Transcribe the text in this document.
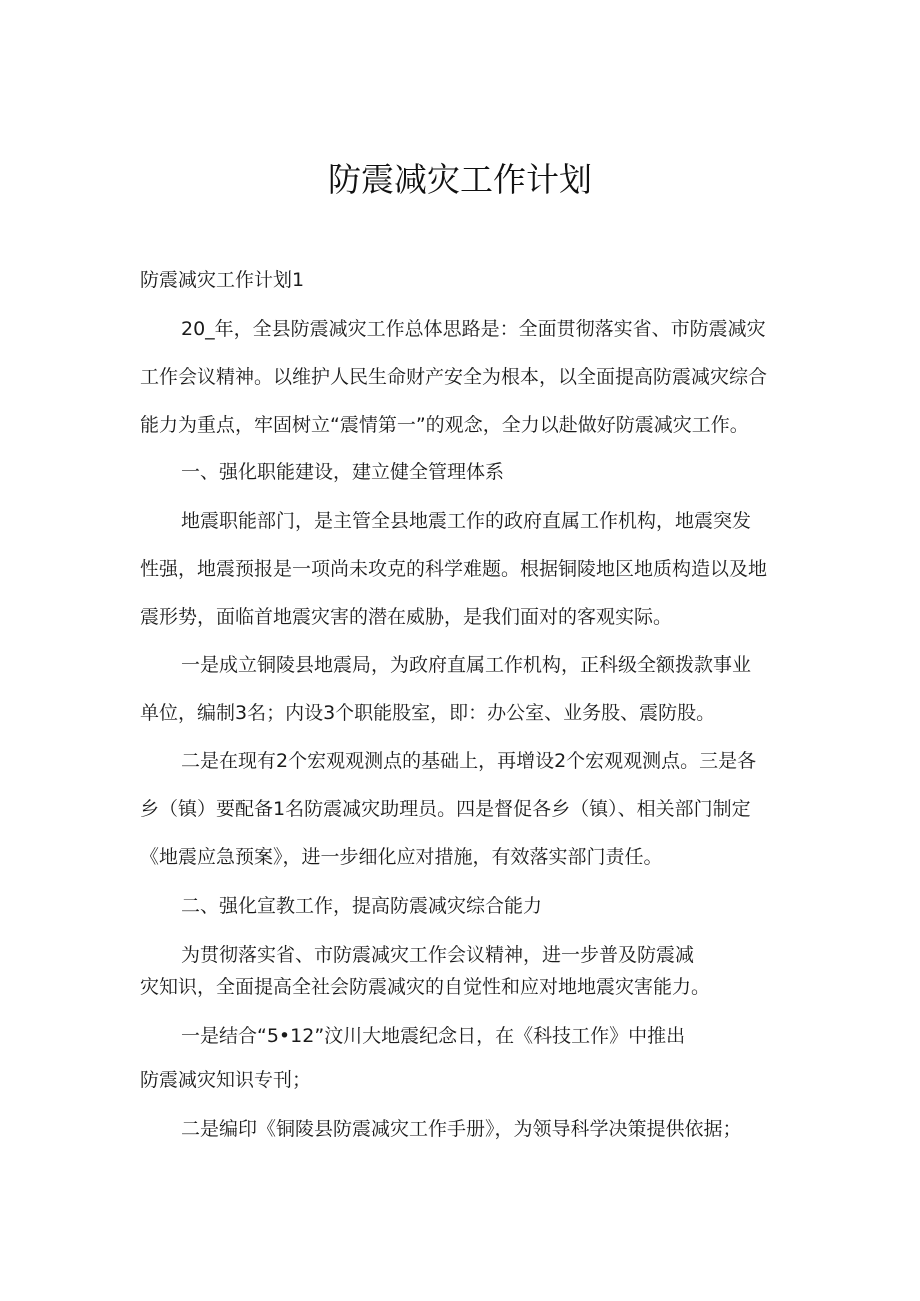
防震减灾工作计划
防震减灾工作计划1
20_年，全县防震减灾工作总体思路是：全面贯彻落实省、市防震减灾
工作会议精神。以维护人民生命财产安全为根本，以全面提高防震减灾综合
能力为重点，牢固树立“震情第一”的观念，全力以赴做好防震减灾工作。
一、强化职能建设，建立健全管理体系
地震职能部门，是主管全县地震工作的政府直属工作机构，地震突发
性强，地震预报是一项尚未攻克的科学难题。根据铜陵地区地质构造以及地
震形势，面临首地震灾害的潜在威胁，是我们面对的客观实际。
一是成立铜陵县地震局，为政府直属工作机构，正科级全额拨款事业
单位，编制3名；内设3个职能股室，即：办公室、业务股、震防股。
二是在现有2个宏观观测点的基础上，再增设2个宏观观测点。三是各
乡（镇）要配备1名防震减灾助理员。四是督促各乡（镇）、相关部门制定
《地震应急预案》，进一步细化应对措施，有效落实部门责任。
二、强化宣教工作，提高防震减灾综合能力
为贯彻落实省、市防震减灾工作会议精神，进一步普及防震减
灾知识，全面提高全社会防震减灾的自觉性和应对地地震灾害能力。
一是结合“5•12”汶川大地震纪念日，在《科技工作》中推出
防震减灾知识专刊；
二是编印《铜陵县防震减灾工作手册》，为领导科学决策提供依据；
